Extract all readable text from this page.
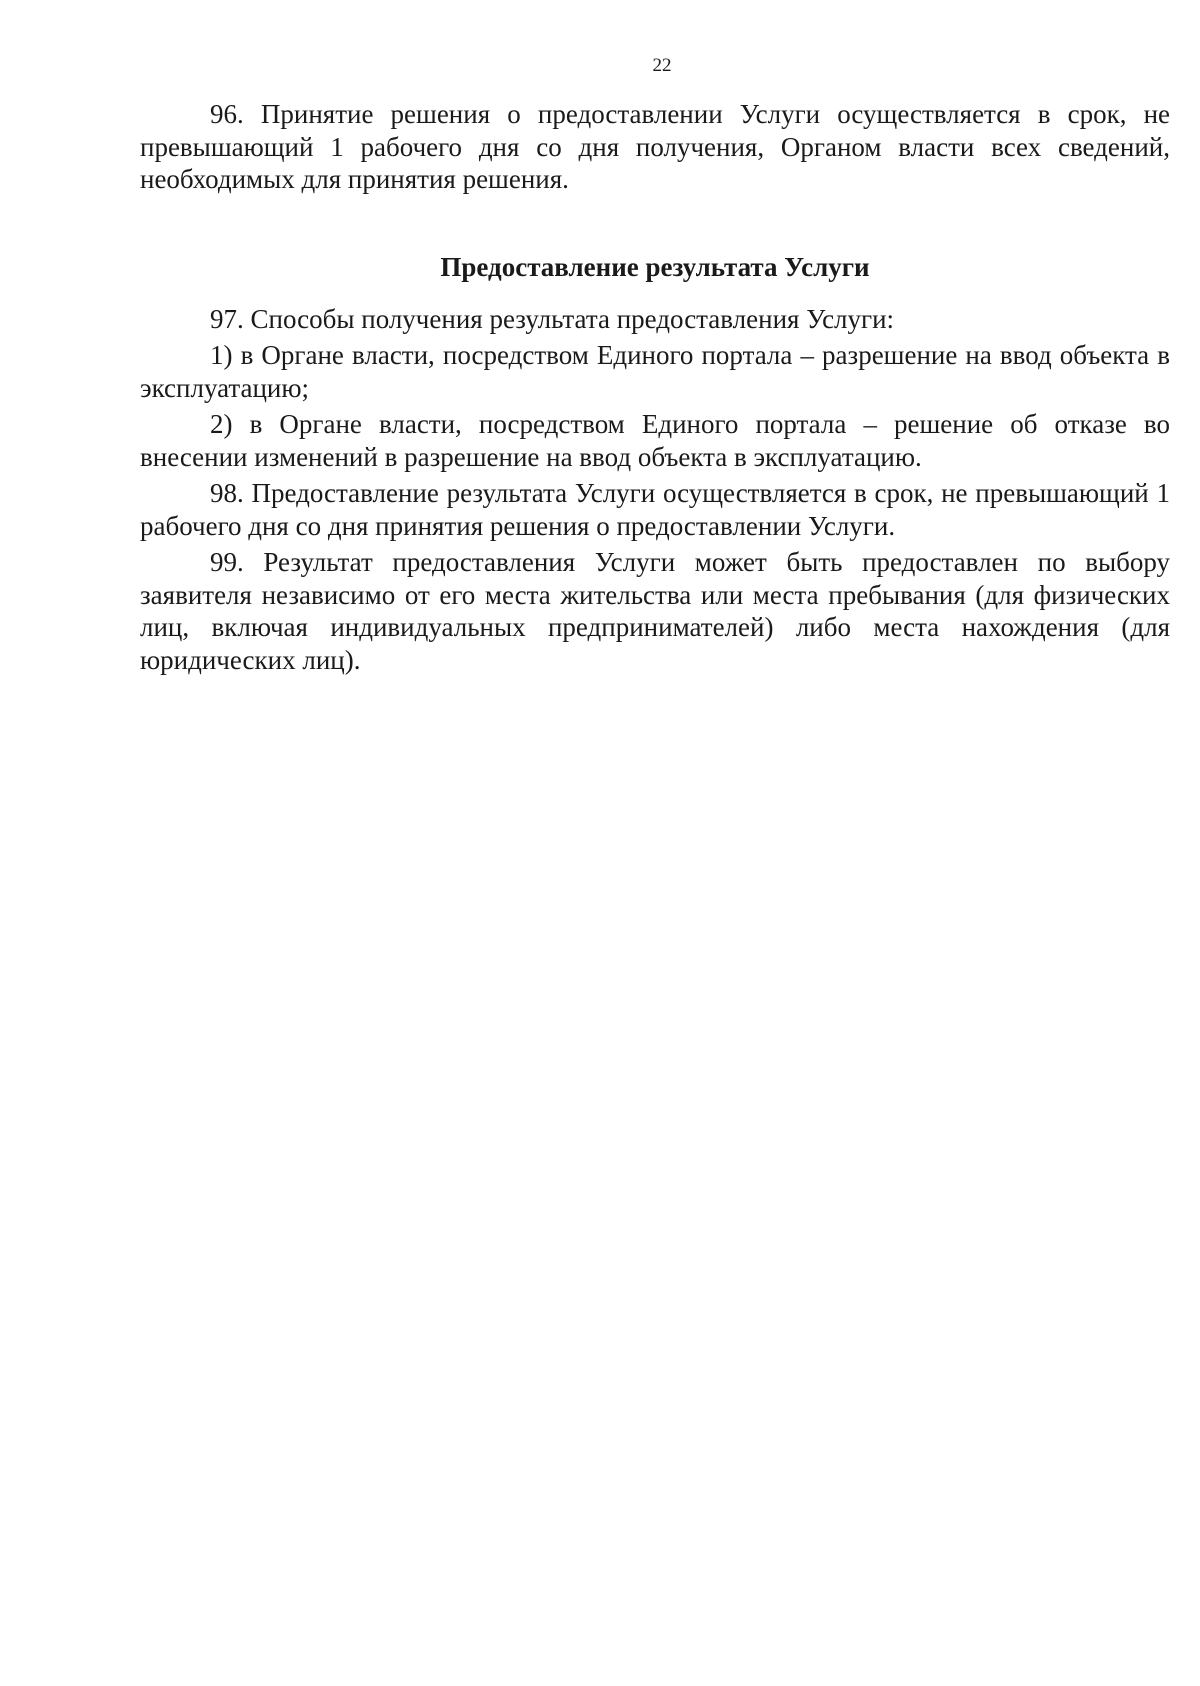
22

96. Принятие решения о предоставлении Услуги осуществляется в срок, не превышающий 1 рабочего дня со дня получения, Органом власти всех сведений, необходимых для принятия решения.

Предоставление результата Услуги

97. Способы получения результата предоставления Услуги:

1) в Органе власти, посредством Единого портала – разрешение на ввод объекта в эксплуатацию;

2) в Органе власти, посредством Единого портала – решение об отказе во внесении изменений в разрешение на ввод объекта в эксплуатацию.

98. Предоставление результата Услуги осуществляется в срок, не превышающий 1 рабочего дня со дня принятия решения о предоставлении Услуги.

99. Результат предоставления Услуги может быть предоставлен по выбору заявителя независимо от его места жительства или места пребывания (для физических лиц, включая индивидуальных предпринимателей) либо места нахождения (для юридических лиц).
